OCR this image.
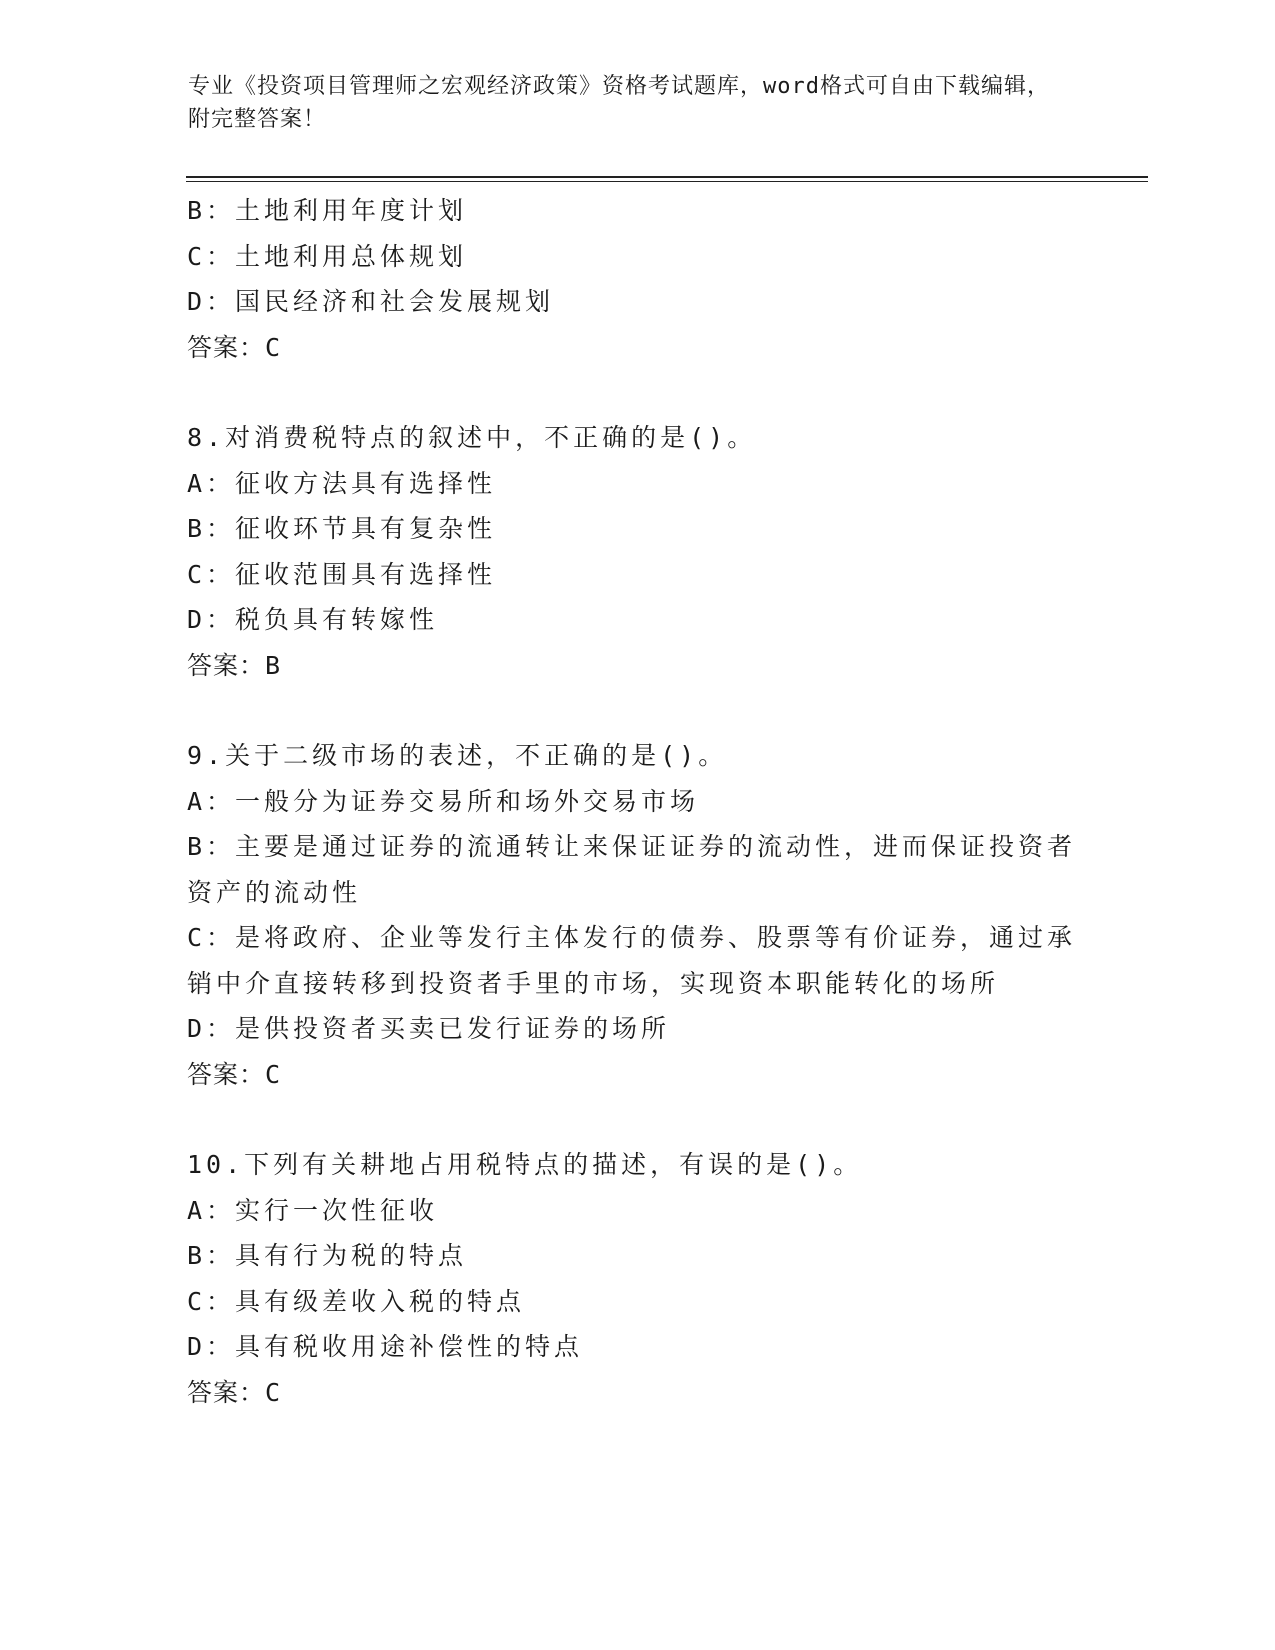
专业《投资项目管理师之宏观经济政策》资格考试题库，word格式可自由下载编辑，附完整答案！
B：土地利用年度计划
C：土地利用总体规划
D：国民经济和社会发展规划
答案：C
8.对消费税特点的叙述中，不正确的是()。
A：征收方法具有选择性
B：征收环节具有复杂性
C：征收范围具有选择性
D：税负具有转嫁性
答案：B
9.关于二级市场的表述，不正确的是()。
A：一般分为证券交易所和场外交易市场
B：主要是通过证券的流通转让来保证证券的流动性，进而保证投资者资产的流动性
C：是将政府、企业等发行主体发行的债券、股票等有价证券，通过承销中介直接转移到投资者手里的市场，实现资本职能转化的场所
D：是供投资者买卖已发行证券的场所
答案：C
10.下列有关耕地占用税特点的描述，有误的是()。
A：实行一次性征收
B：具有行为税的特点
C：具有级差收入税的特点
D：具有税收用途补偿性的特点
答案：C
